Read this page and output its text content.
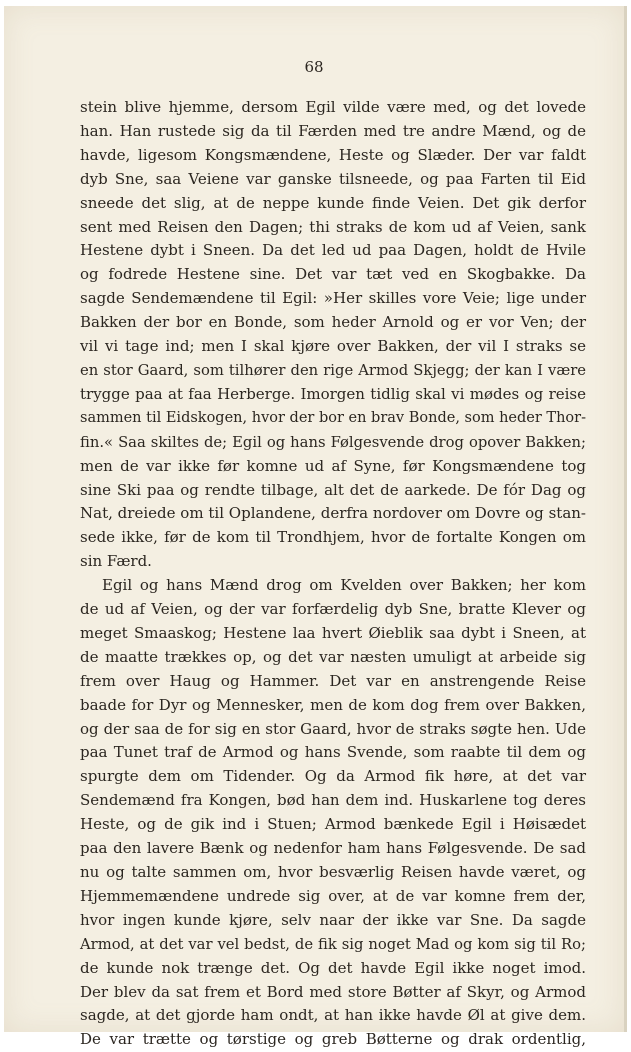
68
stein blive hjemme, dersom Egil vilde være med, og det lovede
han. Han rustede sig da til Færden med tre andre Mænd, og de
havde, ligesom Kongsmændene, Heste og Slæder. Der var faldt
dyb Sne, saa Veiene var ganske tilsneede, og paa Farten til Eid
sneede det slig, at de neppe kunde finde Veien. Det gik derfor
sent med Reisen den Dagen; thi straks de kom ud af Veien, sank
Hestene dybt i Sneen. Da det led ud paa Dagen, holdt de Hvile
og fodrede Hestene sine. Det var tæt ved en Skogbakke. Da
sagde Sendemændene til Egil: »Her skilles vore Veie; lige under
Bakken der bor en Bonde, som heder Arnold og er vor Ven; der
vil vi tage ind; men I skal kjøre over Bakken, der vil I straks se
en stor Gaard, som tilhører den rige Armod Skjegg; der kan I være
trygge paa at faa Herberge. Imorgen tidlig skal vi mødes og reise
sammen til Eidskogen, hvor der bor en brav Bonde, som heder Thor-
fin.« Saa skiltes de; Egil og hans Følgesvende drog opover Bakken;
men de var ikke før komne ud af Syne, før Kongsmændene tog
sine Ski paa og rendte tilbage, alt det de aarkede. De fór Dag og
Nat, dreiede om til Oplandene, derfra nordover om Dovre og stan-
sede ikke, før de kom til Trondhjem, hvor de fortalte Kongen om
sin Færd.
Egil og hans Mænd drog om Kvelden over Bakken; her kom
de ud af Veien, og der var forfærdelig dyb Sne, bratte Klever og
meget Smaaskog; Hestene laa hvert Øieblik saa dybt i Sneen, at
de maatte trækkes op, og det var næsten umuligt at arbeide sig
frem over Haug og Hammer. Det var en anstrengende Reise
baade for Dyr og Mennesker, men de kom dog frem over Bakken,
og der saa de for sig en stor Gaard, hvor de straks søgte hen. Ude
paa Tunet traf de Armod og hans Svende, som raabte til dem og
spurgte dem om Tidender. Og da Armod fik høre, at det var
Sendemænd fra Kongen, bød han dem ind. Huskarlene tog deres
Heste, og de gik ind i Stuen; Armod bænkede Egil i Høisædet
paa den lavere Bænk og nedenfor ham hans Følgesvende. De sad
nu og talte sammen om, hvor besværlig Reisen havde været, og
Hjemmemændene undrede sig over, at de var komne frem der,
hvor ingen kunde kjøre, selv naar der ikke var Sne. Da sagde
Armod, at det var vel bedst, de fik sig noget Mad og kom sig til Ro;
de kunde nok trænge det. Og det havde Egil ikke noget imod.
Der blev da sat frem et Bord med store Bøtter af Skyr, og Armod
sagde, at det gjorde ham ondt, at han ikke havde Øl at give dem.
De var trætte og tørstige og greb Bøtterne og drak ordentlig,
